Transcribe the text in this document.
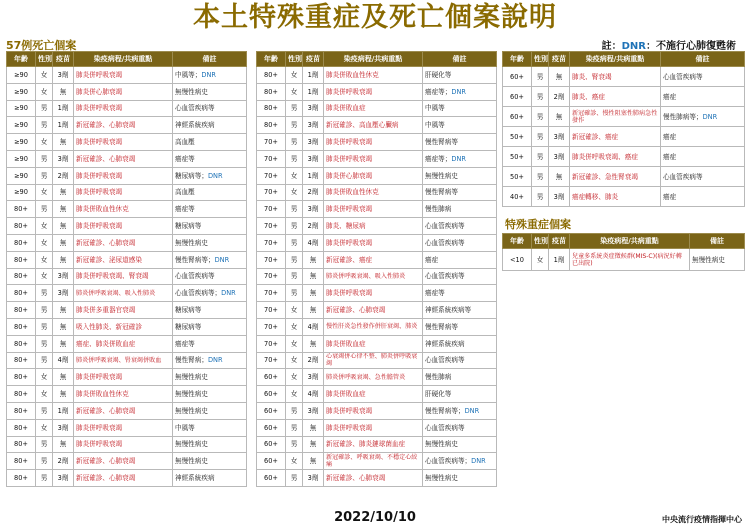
本土特殊重症及死亡個案說明
57例死亡個案	註：DNR：不施行心肺復甦術
年齡	性別	疫苗	染疫病程/共病重點	備註
≥90	女	3劑	肺炎併呼吸衰竭	中風等；DNR
≥90	女	無	肺炎併心肺衰竭	無慢性病史
≥90	男	1劑	肺炎併呼吸衰竭	心血管疾病等
≥90	男	1劑	新冠確診、心肺衰竭	神經系統疾病
≥90	女	無	肺炎併呼吸衰竭	高血壓
≥90	男	3劑	新冠確診、心肺衰竭	癌症等
≥90	男	2劑	肺炎併呼吸衰竭	糖尿病等；DNR
≥90	女	無	肺炎併呼吸衰竭	高血壓
80+	男	無	肺炎併敗血性休克	癌症等
80+	女	無	肺炎併呼吸衰竭	糖尿病等
80+	女	無	新冠確診、心肺衰竭	無慢性病史
80+	女	無	新冠確診、泌尿道感染	慢性腎病等；DNR
80+	女	3劑	肺炎併呼吸衰竭、腎衰竭	心血管疾病等
80+	男	3劑	肺炎併呼吸衰竭、吸入性肺炎	心血管疾病等；DNR
80+	男	無	肺炎併多重器官衰竭	糖尿病等
80+	男	無	吸入性肺炎、新冠確診	糖尿病等
80+	男	無	癌症、肺炎併敗血症	癌症等
80+	男	4劑	肺炎併呼吸衰竭、腎衰竭併敗血	慢性腎病；DNR
80+	女	無	肺炎併呼吸衰竭	無慢性病史
80+	女	無	肺炎併敗血性休克	無慢性病史
80+	男	1劑	新冠確診、心肺衰竭	無慢性病史
80+	女	3劑	肺炎併呼吸衰竭	中風等
80+	男	無	肺炎併呼吸衰竭	無慢性病史
80+	男	2劑	新冠確診、心肺衰竭	無慢性病史
80+	男	3劑	新冠確診、心肺衰竭	神經系統疾病
年齡	性別	疫苗	染疫病程/共病重點	備註
80+	女	1劑	肺炎併敗血性休克	肝硬化等
80+	女	1劑	肺炎併呼吸衰竭	癌症等；DNR
80+	男	3劑	肺炎併敗血症	中風等
80+	男	3劑	新冠確診、高血壓心臟病	中風等
70+	男	3劑	肺炎併呼吸衰竭	慢性腎病等
70+	男	3劑	肺炎併呼吸衰竭	癌症等；DNR
70+	女	1劑	肺炎併心肺衰竭	無慢性病史
70+	女	2劑	肺炎併敗血性休克	慢性腎病等
70+	男	3劑	肺炎併呼吸衰竭	慢性肺病
70+	男	2劑	肺炎、糖尿病	心血管疾病等
70+	男	4劑	肺炎併呼吸衰竭	心血管疾病等
70+	男	無	新冠確診、癌症	癌症
70+	男	無	肺炎併呼吸衰竭、吸入性肺炎	心血管疾病等
70+	男	無	肺炎併呼吸衰竭	癌症等
70+	女	無	新冠確診、心肺衰竭	神經系統疾病等
70+	女	4劑	慢性肝炎急性發作併肝衰竭、肺炎	慢性腎病等
70+	女	無	肺炎併敗血症	神經系統疾病
70+	女	2劑	心衰竭併心律不整、肺炎併呼吸衰竭	心血管疾病等
60+	女	3劑	肺炎併呼吸衰竭、急性膽管炎	慢性肺病
60+	女	4劑	肺炎併敗血症	肝硬化等
60+	男	3劑	肺炎併呼吸衰竭	慢性腎病等；DNR
60+	男	無	肺炎併呼吸衰竭	心血管疾病等
60+	男	無	新冠確診、肺炎鏈球菌血症	無慢性病史
60+	女	無	新冠確診、呼吸衰竭、不穩定心絞痛	心血管疾病等；DNR
60+	男	3劑	新冠確診、心肺衰竭	無慢性病史
年齡	性別	疫苗	染疫病程/共病重點	備註
60+	男	無	肺炎、腎衰竭	心血管疾病等
60+	男	2劑	肺炎、癌症	癌症
60+	男	無	新冠確診、慢性阻塞性肺病急性發作	慢性肺病等；DNR
50+	男	3劑	新冠確診、癌症	癌症
50+	男	3劑	肺炎併呼吸衰竭、癌症	癌症
50+	男	無	新冠確診、急性腎衰竭	心血管疾病等
40+	男	3劑	癌症轉移、肺炎	癌症
特殊重症個案
年齡	性別	疫苗	染疫病程/共病重點	備註
<10	女	1劑	兒童多系統炎症徵候群(MIS-C)(病況好轉已出院)	無慢性病史
2022/10/10	中央流行疫情指揮中心
